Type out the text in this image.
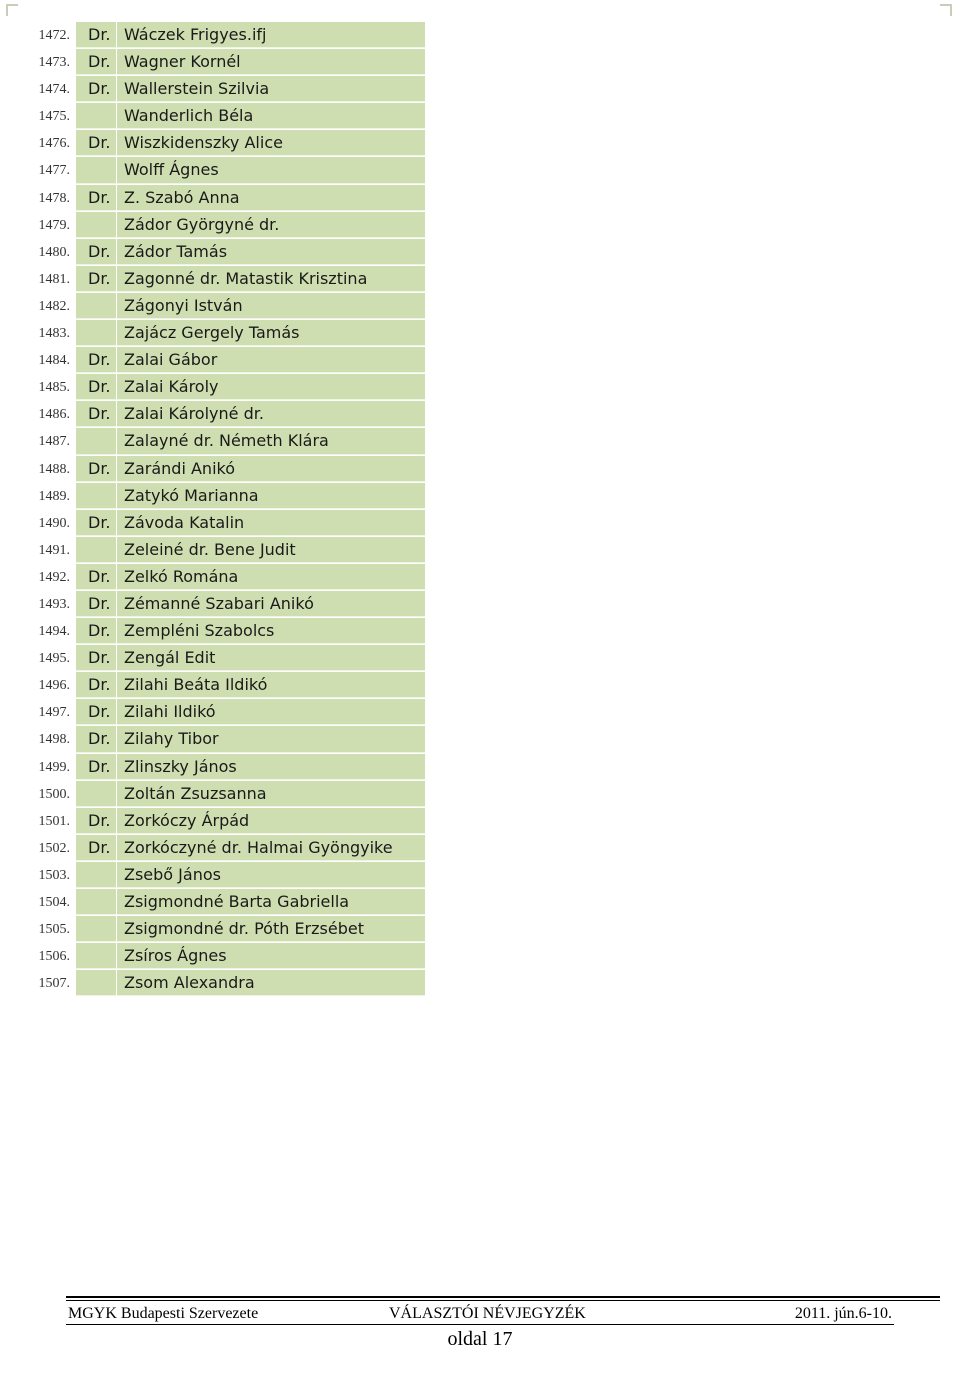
1472.	Dr. Wáczek Frigyes.ifj
1473.	Dr. Wagner Kornél
1474.	Dr. Wallerstein Szilvia
1475.	Wanderlich Béla
1476.	Dr. Wiszkidenszky Alice
1477.	Wolff Ágnes
1478.	Dr. Z. Szabó Anna
1479.	Zádor Györgyné dr.
1480.	Dr. Zádor Tamás
1481.	Dr. Zagonné dr. Matastik Krisztina
1482.	Zágonyi István
1483.	Zajácz Gergely Tamás
1484.	Dr. Zalai Gábor
1485.	Dr. Zalai Károly
1486.	Dr. Zalai Károlyné dr.
1487.	Zalayné dr. Németh Klára
1488.	Dr. Zarándi Anikó
1489.	Zatykó Marianna
1490.	Dr. Závoda Katalin
1491.	Zeleiné dr. Bene Judit
1492.	Dr. Zelkó Romána
1493.	Dr. Zémanné Szabari Anikó
1494.	Dr. Zempléni Szabolcs
1495.	Dr. Zengál Edit
1496.	Dr. Zilahi Beáta Ildikó
1497.	Dr. Zilahi Ildikó
1498.	Dr. Zilahy Tibor
1499.	Dr. Zlinszky János
1500.	Zoltán Zsuzsanna
1501.	Dr. Zorkóczy Árpád
1502.	Dr. Zorkóczyné dr. Halmai Gyöngyike
1503.	Zsebő János
1504.	Zsigmondné Barta Gabriella
1505.	Zsigmondné dr. Póth Erzsébet
1506.	Zsíros Ágnes
1507.	Zsom Alexandra
MGYK Budapesti Szervezete	VÁLASZTÓI NÉVJEGYZÉK	2011. jún.6-10.
oldal 17
